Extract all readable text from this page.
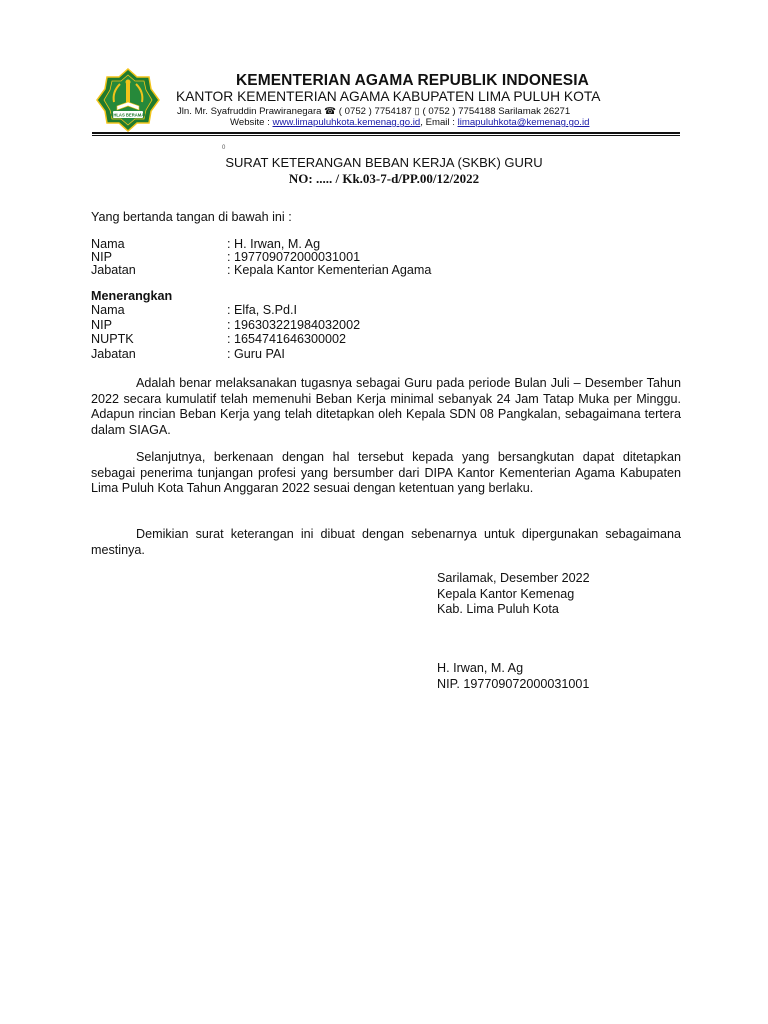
IKHLAS BERAMAL
KEMENTERIAN AGAMA REPUBLIK INDONESIA
KANTOR KEMENTERIAN AGAMA KABUPATEN LIMA PULUH KOTA
Jln. Mr. Syafruddin Prawiranegara ☎ ( 0752 ) 7754187 ▯ ( 0752 ) 7754188 Sarilamak 26271
Website : www.limapuluhkota.kemenag.go.id, Email : limapuluhkota@kemenag.go.id
0
SURAT KETERANGAN BEBAN KERJA (SKBK) GURU
NO: ..... / Kk.03-7-d/PP.00/12/2022
Yang bertanda tangan di bawah ini :
Nama	: H. Irwan, M. Ag
NIP	: 197709072000031001
Jabatan	: Kepala Kantor Kementerian Agama
Menerangkan
Nama	: Elfa, S.Pd.I
NIP	: 196303221984032002
NUPTK	: 1654741646300002
Jabatan	: Guru PAI
Adalah benar melaksanakan tugasnya sebagai Guru pada periode Bulan Juli – Desember Tahun 2022 secara kumulatif telah memenuhi Beban Kerja minimal sebanyak 24 Jam Tatap Muka per Minggu. Adapun rincian Beban Kerja yang telah ditetapkan oleh Kepala SDN 08 Pangkalan, sebagaimana tertera dalam SIAGA.
Selanjutnya, berkenaan dengan hal tersebut kepada yang bersangkutan dapat ditetapkan sebagai penerima tunjangan profesi yang bersumber dari DIPA Kantor Kementerian Agama Kabupaten Lima Puluh Kota Tahun Anggaran 2022 sesuai dengan ketentuan yang berlaku.
Demikian surat keterangan ini dibuat dengan sebenarnya untuk dipergunakan sebagaimana mestinya.
Sarilamak, Desember 2022
Kepala Kantor Kemenag
Kab. Lima Puluh Kota
H. Irwan, M. Ag
NIP. 197709072000031001
